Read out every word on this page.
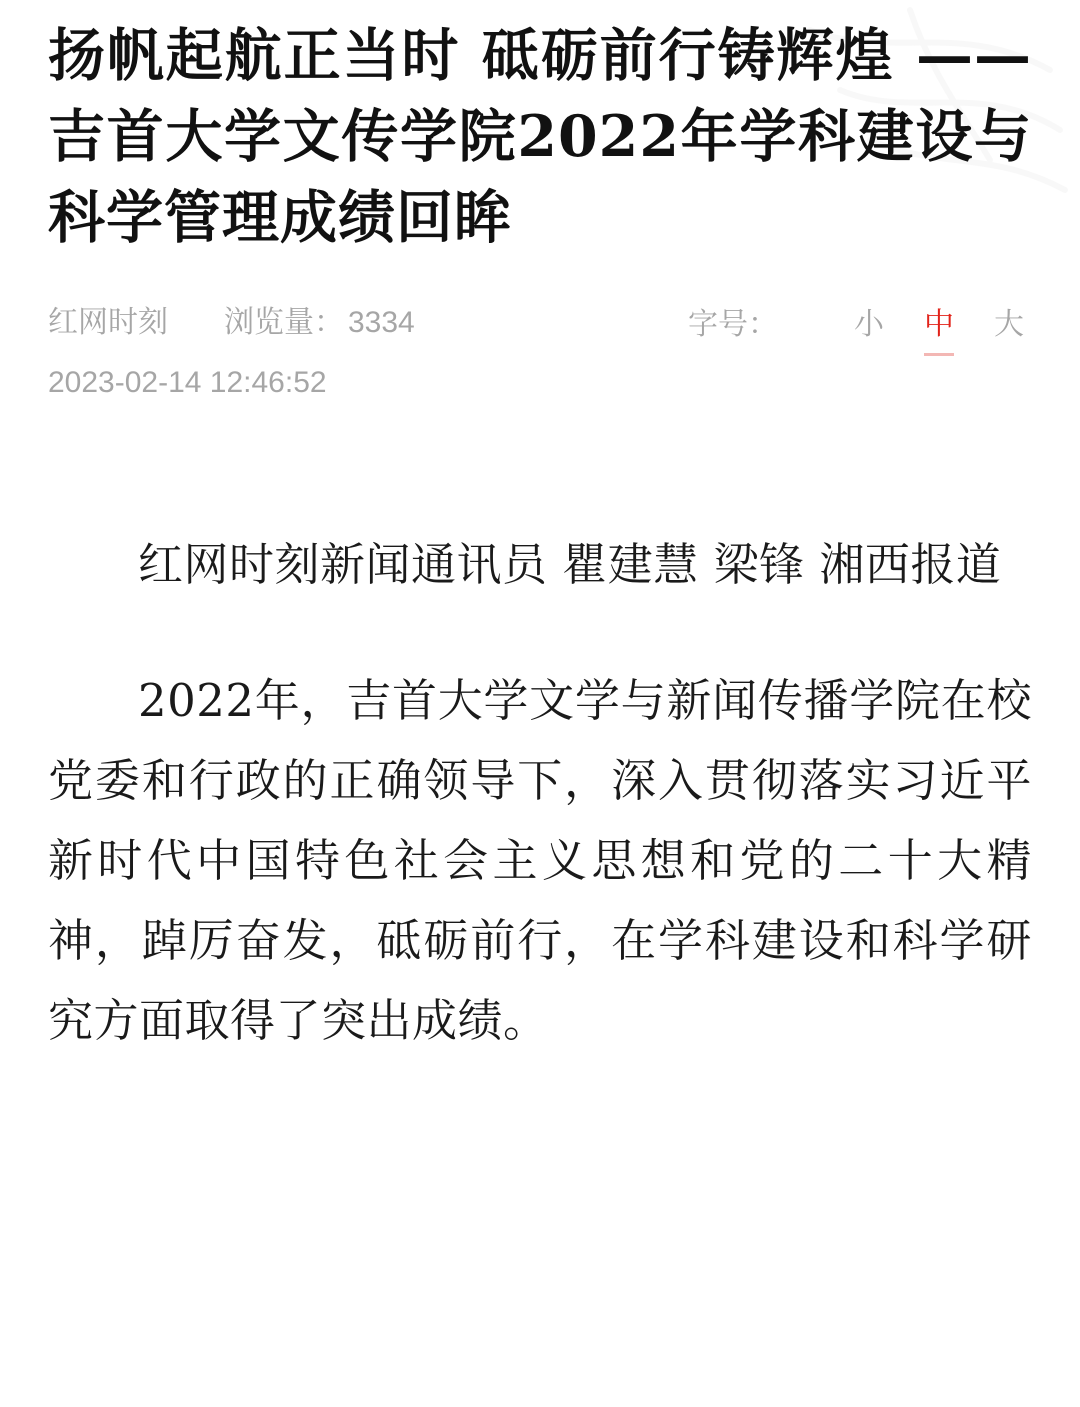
扬帆起航正当时 砥砺前行铸辉煌 ——吉首大学文传学院2022年学科建设与科学管理成绩回眸
红网时刻 浏览量： 3334
2023-02-14 12:46:52
字号：	小 中 大

红网时刻新闻通讯员 瞿建慧 梁锋 湘西报道

2022年，吉首大学文学与新闻传播学院在校党委和行政的正确领导下，深入贯彻落实习近平新时代中国特色社会主义思想和党的二十大精神，踔厉奋发，砥砺前行，在学科建设和科学研究方面取得了突出成绩。
